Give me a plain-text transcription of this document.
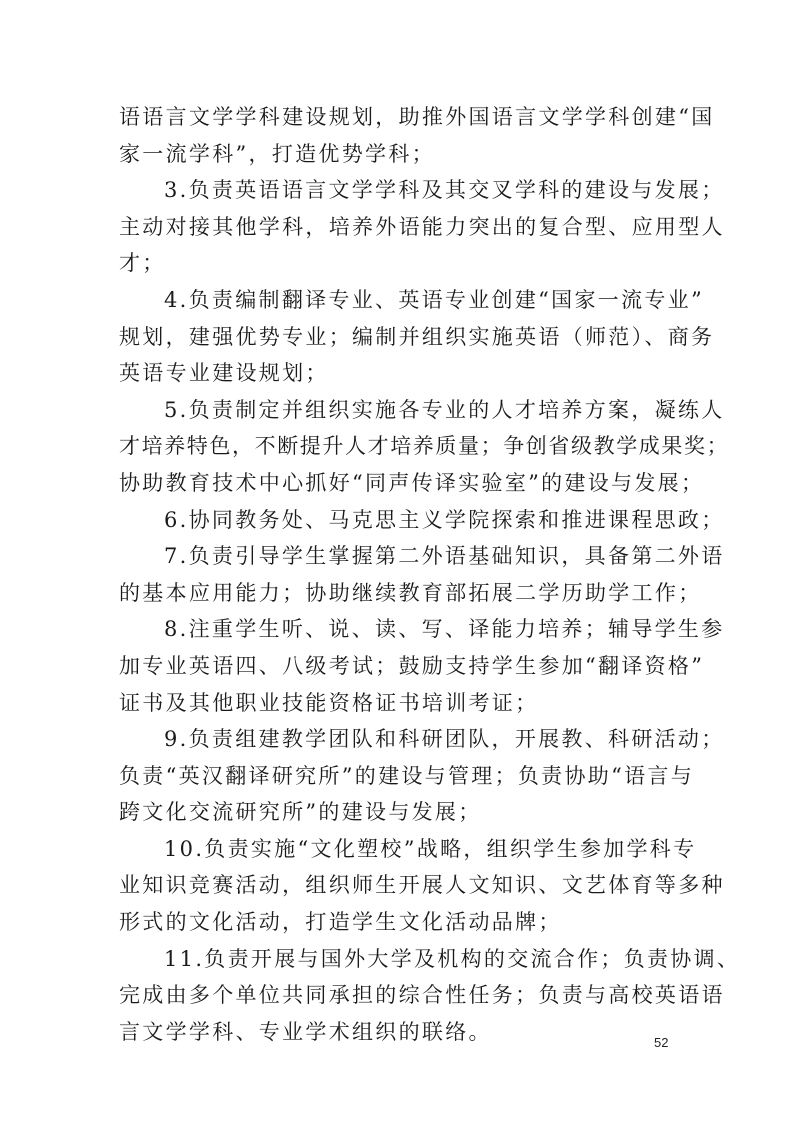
语语言文学学科建设规划，助推外国语言文学学科创建“国
家一流学科”，打造优势学科；
3.负责英语语言文学学科及其交叉学科的建设与发展；
主动对接其他学科，培养外语能力突出的复合型、应用型人
才；
4.负责编制翻译专业、英语专业创建“国家一流专业”
规划，建强优势专业；编制并组织实施英语（师范）、商务
英语专业建设规划；
5.负责制定并组织实施各专业的人才培养方案，凝练人
才培养特色，不断提升人才培养质量；争创省级教学成果奖；
协助教育技术中心抓好“同声传译实验室”的建设与发展；
6.协同教务处、马克思主义学院探索和推进课程思政；
7.负责引导学生掌握第二外语基础知识，具备第二外语
的基本应用能力；协助继续教育部拓展二学历助学工作；
8.注重学生听、说、读、写、译能力培养；辅导学生参
加专业英语四、八级考试；鼓励支持学生参加“翻译资格”
证书及其他职业技能资格证书培训考证；
9.负责组建教学团队和科研团队，开展教、科研活动；
负责“英汉翻译研究所”的建设与管理；负责协助“语言与
跨文化交流研究所”的建设与发展；
10.负责实施“文化塑校”战略，组织学生参加学科专
业知识竞赛活动，组织师生开展人文知识、文艺体育等多种
形式的文化活动，打造学生文化活动品牌；
11.负责开展与国外大学及机构的交流合作；负责协调、
完成由多个单位共同承担的综合性任务；负责与高校英语语
言文学学科、专业学术组织的联络。	52
